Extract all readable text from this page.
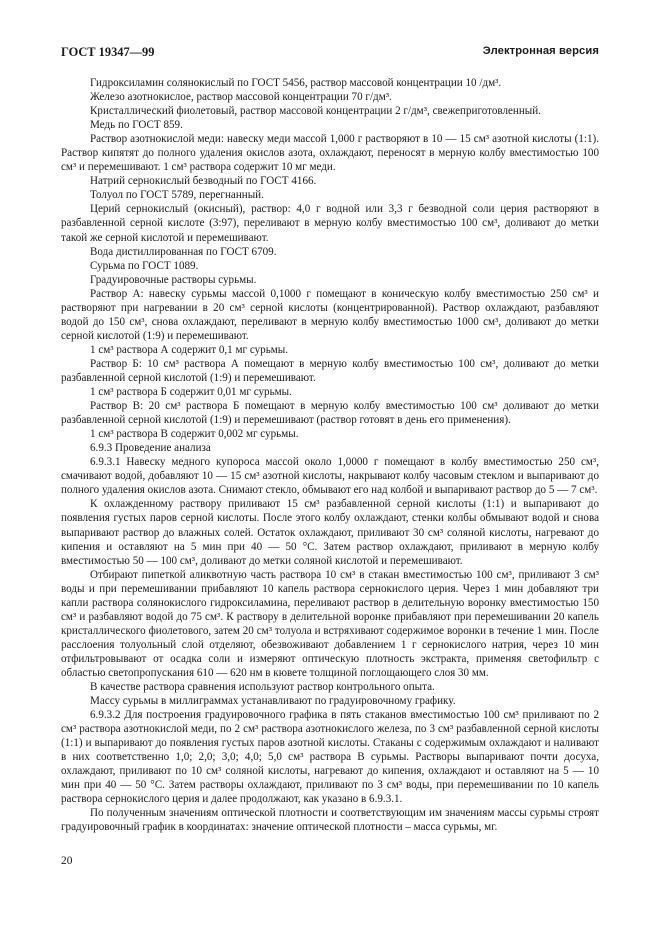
ГОСТ 19347—99	Электронная версия

Гидроксиламин солянокислый по ГОСТ 5456, раствор массовой концентрации 10 /дм³.

Железо азотнокислое, раствор массовой концентрации 70 г/дм³.

Кристаллический фиолетовый, раствор массовой концентрации 2 г/дм³, свежеприготовленный.

Медь по ГОСТ 859.

Раствор азотнокислой меди: навеску меди массой 1,000 г растворяют в 10 — 15 см³ азотной кислоты (1:1). Раствор кипятят до полного удаления окислов азота, охлаждают, переносят в мерную колбу вместимостью 100 см³ и перемешивают. 1 см³ раствора содержит 10 мг меди.

Натрий сернокислый безводный по ГОСТ 4166.

Толуол по ГОСТ 5789, перегнанный.

Церий сернокислый (окисный), раствор: 4,0 г водной или 3,3 г безводной соли церия растворяют в разбавленной серной кислоте (3:97), переливают в мерную колбу вместимостью 100 см³, доливают до метки такой же серной кислотой и перемешивают.

Вода дистиллированная по ГОСТ 6709.

Сурьма по ГОСТ 1089.

Градуировочные растворы сурьмы.

Раствор А: навеску сурьмы массой 0,1000 г помещают в коническую колбу вместимостью 250 см³ и растворяют при нагревании в 20 см³ серной кислоты (концентрированной). Раствор охлаждают, разбавляют водой до 150 см³, снова охлаждают, переливают в мерную колбу вместимостью 1000 см³, доливают до метки серной кислотой (1:9) и перемешивают.

1 см³ раствора А содержит 0,1 мг сурьмы.

Раствор Б: 10 см³ раствора А помещают в мерную колбу вместимостью 100 см³, доливают до метки разбавленной серной кислотой (1:9) и перемешивают.

1 см³ раствора Б содержит 0,01 мг сурьмы.

Раствор В: 20 см³ раствора Б помещают в мерную колбу вместимостью 100 см³ доливают до метки разбавленной серной кислотой (1:9) и перемешивают (раствор готовят в день его применения).

1 см³ раствора В содержит 0,002 мг сурьмы.

6.9.3 Проведение анализа

6.9.3.1 Навеску медного купороса массой около 1,0000 г помещают в колбу вместимостью 250 см³, смачивают водой, добавляют 10 — 15 см³ азотной кислоты, накрывают колбу часовым стеклом и выпаривают до полного удаления окислов азота. Снимают стекло, обмывают его над колбой и выпаривают раствор до 5 — 7 см³.

К охлажденному раствору приливают 15 см³ разбавленной серной кислоты (1:1) и выпаривают до появления густых паров серной кислоты. После этого колбу охлаждают, стенки колбы обмывают водой и снова выпаривают раствор до влажных солей. Остаток охлаждают, приливают 30 см³ соляной кислоты, нагревают до кипения и оставляют на 5 мин при 40 — 50 °С. Затем раствор охлаждают, приливают в мерную колбу вместимостью 50 — 100 см³, доливают до метки соляной кислотой и перемешивают.

Отбирают пипеткой аликвотную часть раствора 10 см³ в стакан вместимостью 100 см³, приливают 3 см³ воды и при перемешивании прибавляют 10 капель раствора сернокислого церия. Через 1 мин добавляют три капли раствора солянокислого гидроксиламина, переливают раствор в делительную воронку вместимостью 150 см³ и разбавляют водой до 75 см³. К раствору в делительной воронке прибавляют при перемешивании 20 капель кристаллического фиолетового, затем 20 см³ толуола и встряхивают содержимое воронки в течение 1 мин. После расслоения толуольный слой отделяют, обезвоживают добавлением 1 г сернокислого натрия, через 10 мин отфильтровывают от осадка соли и измеряют оптическую плотность экстракта, применяя светофильтр с областью светопропускания 610 — 620 нм в кювете толщиной поглощающего слоя 30 мм.

В качестве раствора сравнения используют раствор контрольного опыта.

Массу сурьмы в миллиграммах устанавливают по градуировочному графику.

6.9.3.2 Для построения градуировочного графика в пять стаканов вместимостью 100 см³ приливают по 2 см³ раствора азотнокислой меди, по 2 см³ раствора азотнокислого железа, по 3 см³ разбавленной серной кислоты (1:1) и выпаривают до появления густых паров азотной кислоты. Стаканы с содержимым охлаждают и наливают в них соответственно 1,0; 2,0; 3,0; 4,0; 5,0 см³ раствора В сурьмы. Растворы выпаривают почти досуха, охлаждают, приливают по 10 см³ соляной кислоты, нагревают до кипения, охлаждают и оставляют на 5 — 10 мин при 40 — 50 °С. Затем растворы охлаждают, приливают по 3 см³ воды, при перемешивании по 10 капель раствора сернокислого церия и далее продолжают, как указано в 6.9.3.1.

По полученным значениям оптической плотности и соответствующим им значениям массы сурьмы строят градуировочный график в координатах: значение оптической плотности – масса сурьмы, мг.

20
